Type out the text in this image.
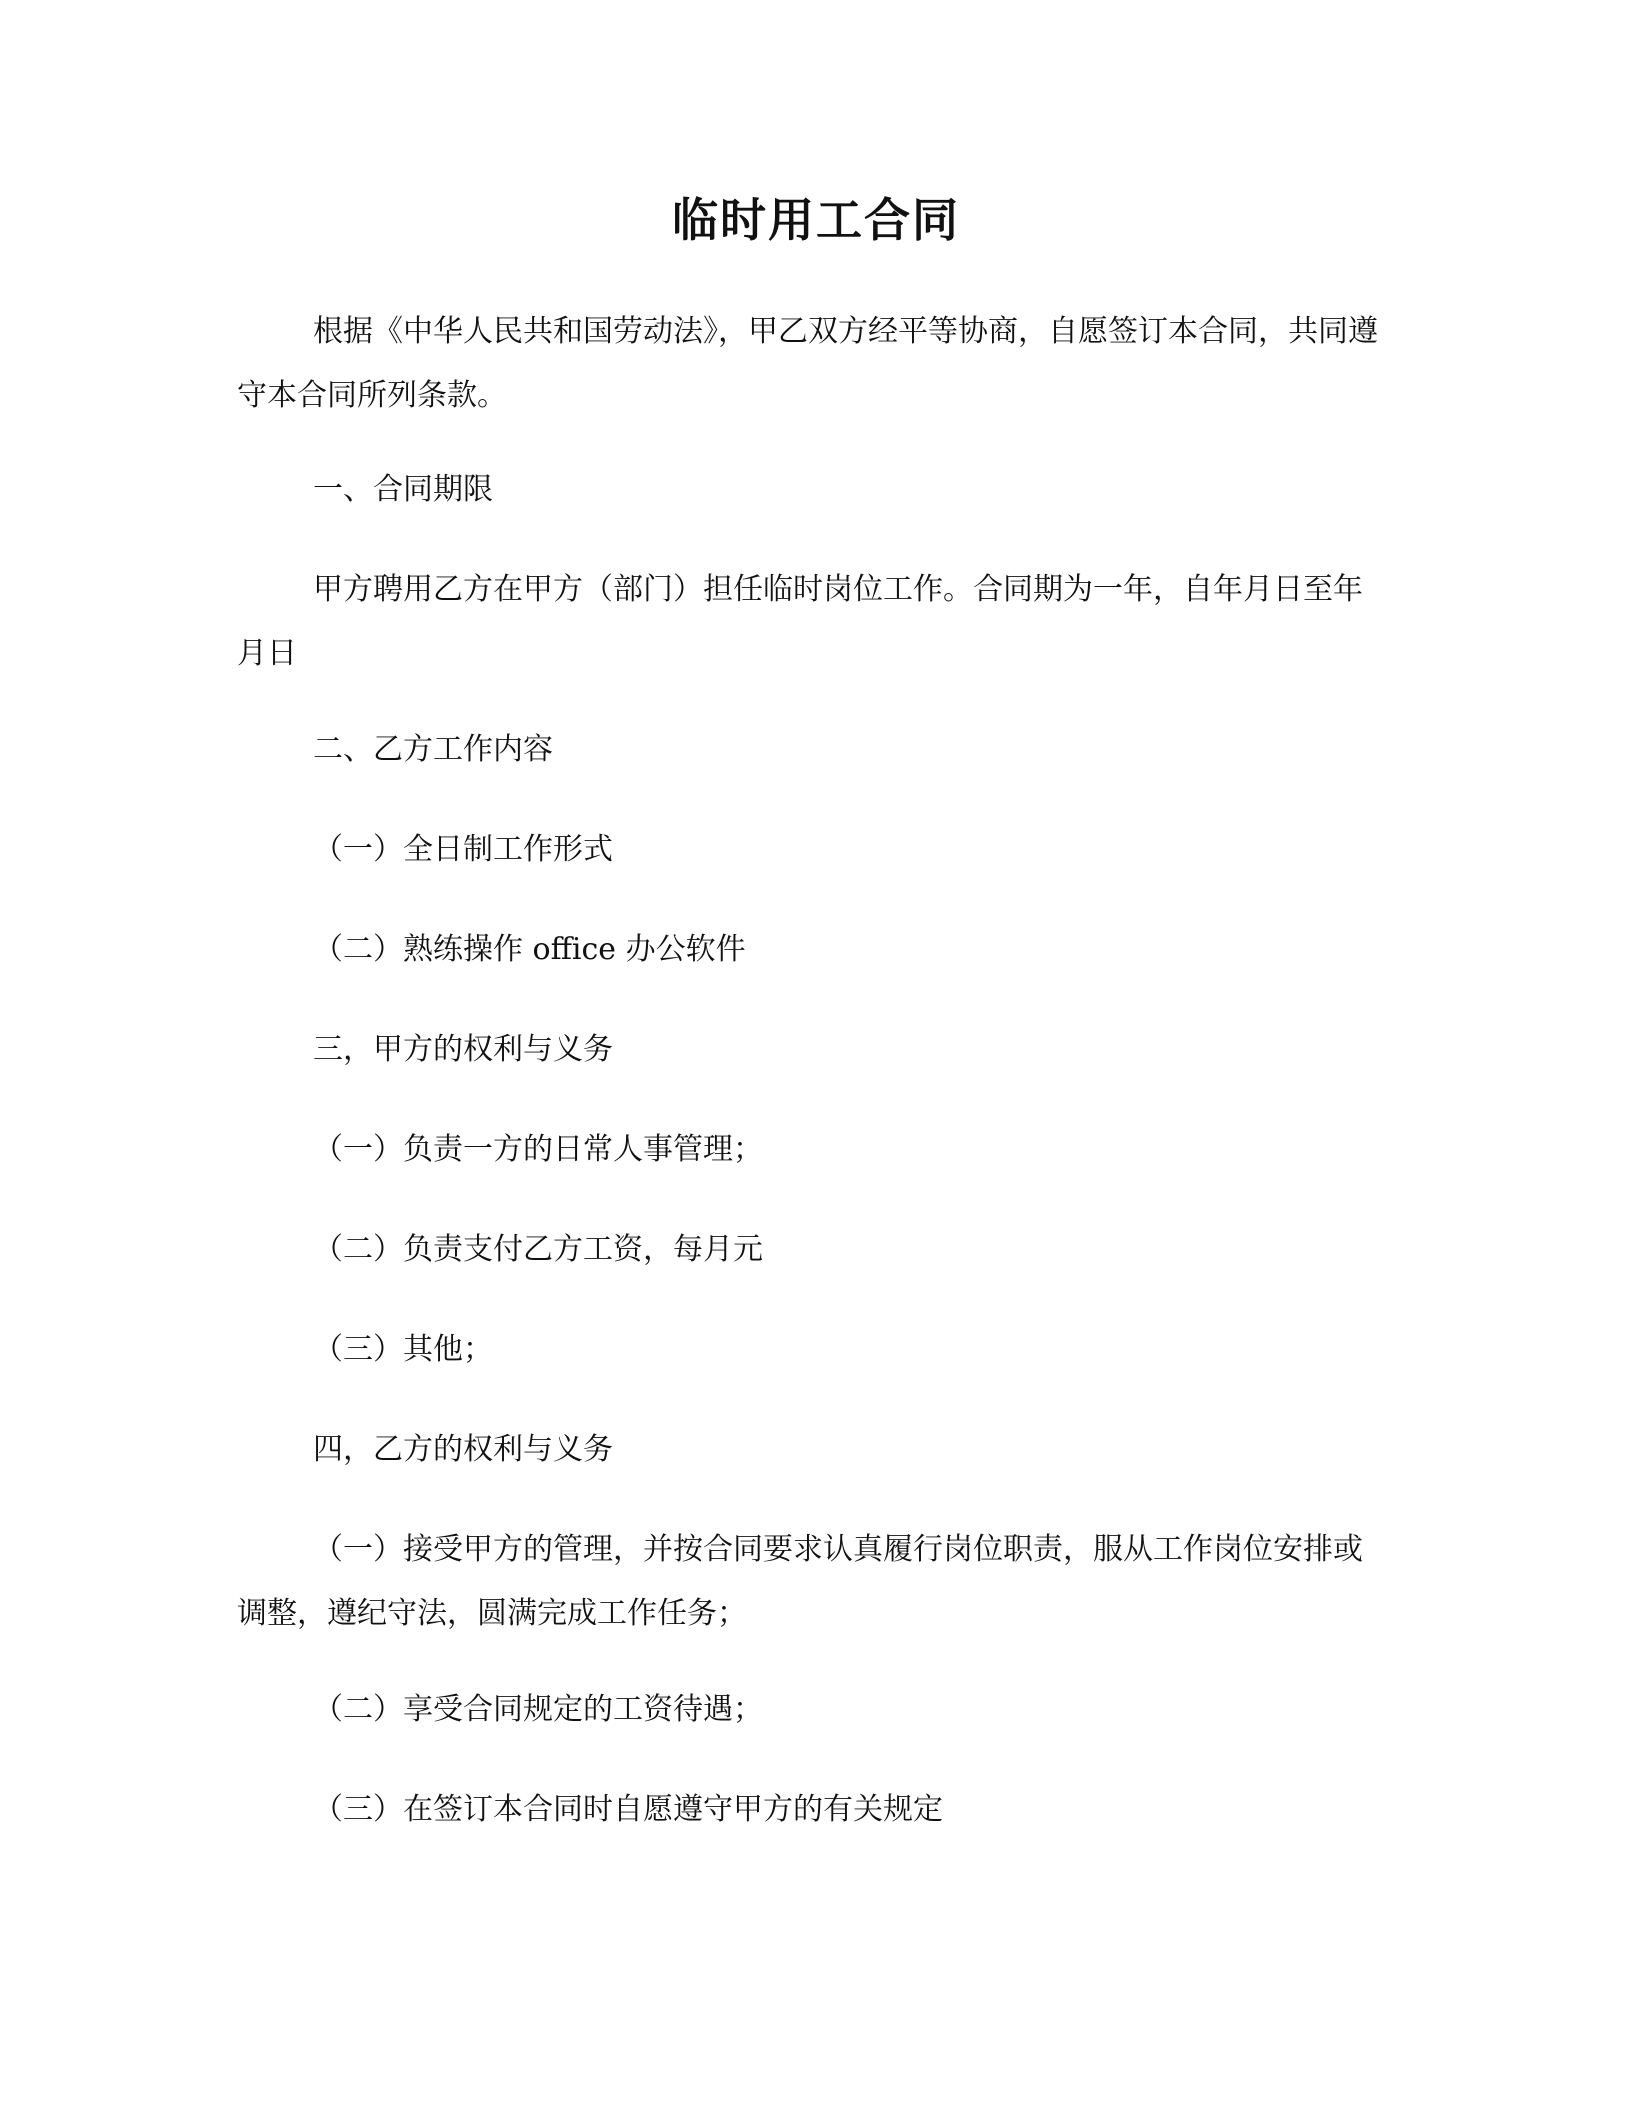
临时用工合同

根据《中华人民共和国劳动法》，甲乙双方经平等协商，自愿签订本合同，共同遵守本合同所列条款。

一、合同期限

甲方聘用乙方在甲方（部门）担任临时岗位工作。合同期为一年，自年月日至年月日

二、乙方工作内容

（一）全日制工作形式

（二）熟练操作 office 办公软件

三，甲方的权利与义务

（一）负责一方的日常人事管理；

（二）负责支付乙方工资，每月元

（三）其他；

四，乙方的权利与义务

（一）接受甲方的管理，并按合同要求认真履行岗位职责，服从工作岗位安排或调整，遵纪守法，圆满完成工作任务；

（二）享受合同规定的工资待遇；

（三）在签订本合同时自愿遵守甲方的有关规定
